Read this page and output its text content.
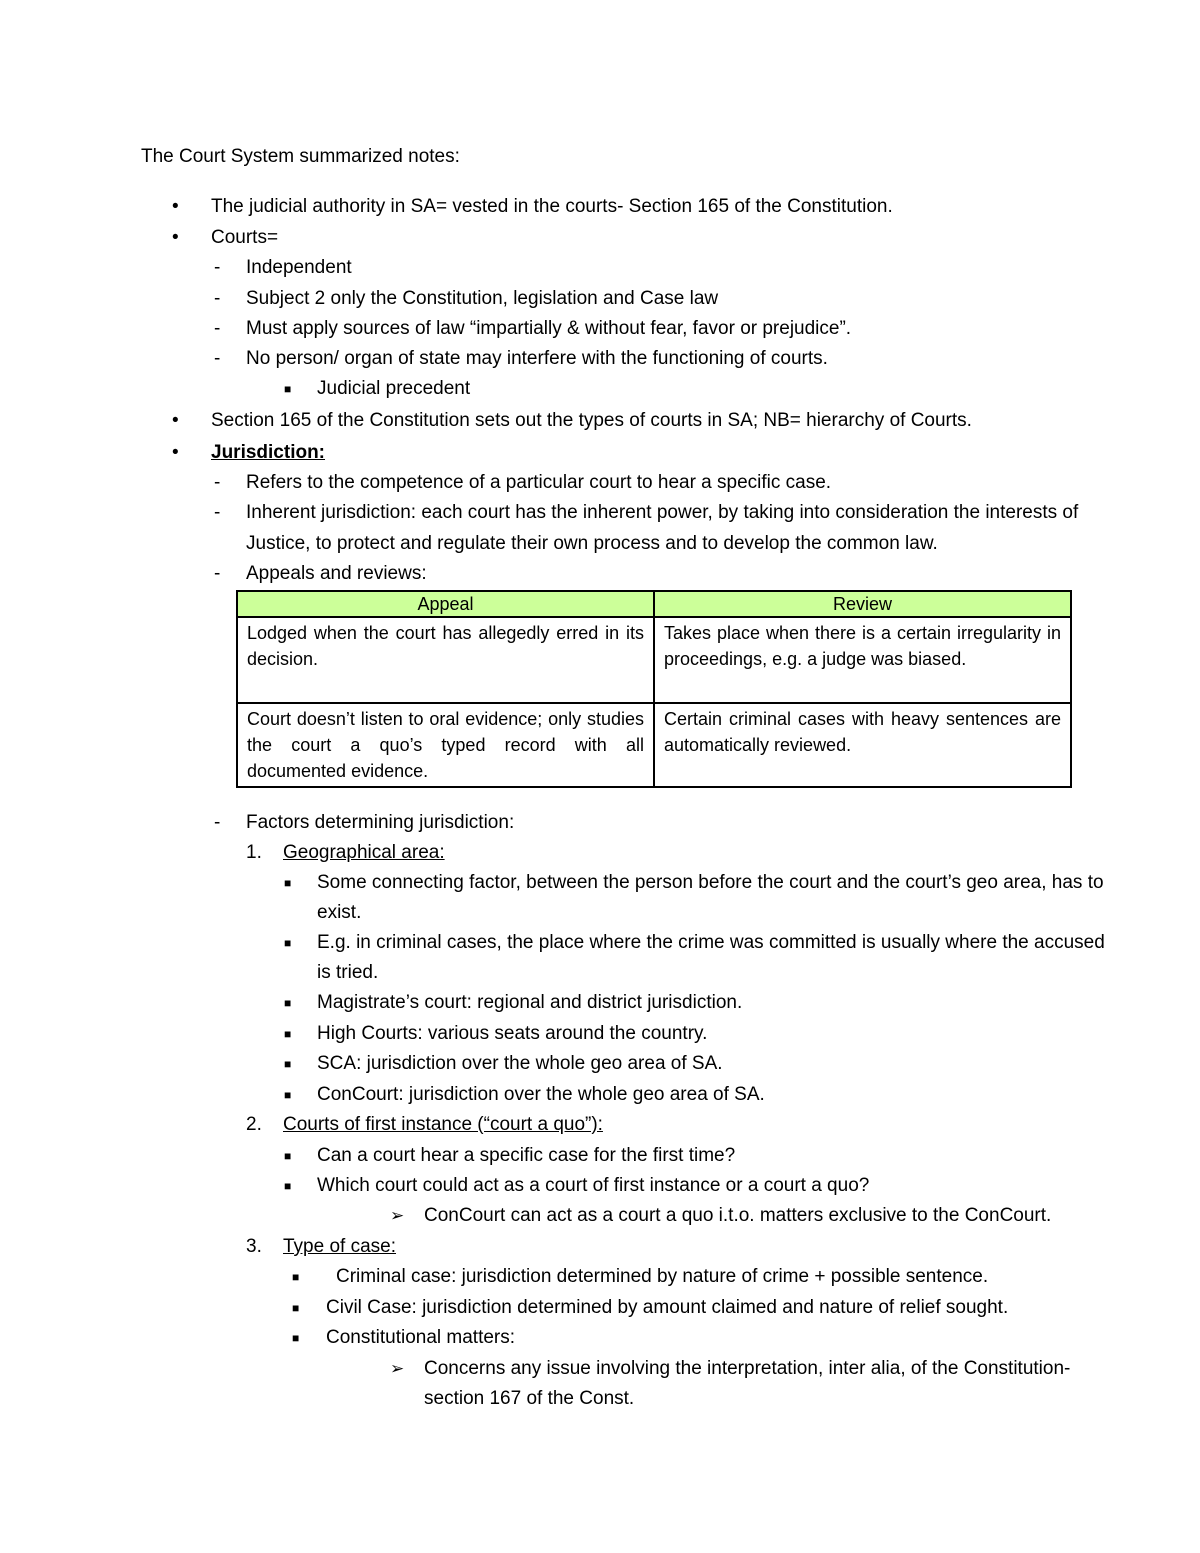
The Court System summarized notes:
• The judicial authority in SA= vested in the courts- Section 165 of the Constitution.
• Courts=
- Independent
- Subject 2 only the Constitution, legislation and Case law
- Must apply sources of law “impartially & without fear, favor or prejudice”.
- No person/ organ of state may interfere with the functioning of courts.
■ Judicial precedent
• Section 165 of the Constitution sets out the types of courts in SA; NB= hierarchy of Courts.
• Jurisdiction:
- Refers to the competence of a particular court to hear a specific case.
- Inherent jurisdiction: each court has the inherent power, by taking into consideration the interests of
Justice, to protect and regulate their own process and to develop the common law.
- Appeals and reviews:
Appeal	Review
Lodged when the court has allegedly erred in its decision.	Takes place when there is a certain irregularity in proceedings, e.g. a judge was biased.
Court doesn’t listen to oral evidence; only studies the court a quo’s typed record with all documented evidence.	Certain criminal cases with heavy sentences are automatically reviewed.
- Factors determining jurisdiction:
1. Geographical area:
■ Some connecting factor, between the person before the court and the court’s geo area, has to
exist.
■ E.g. in criminal cases, the place where the crime was committed is usually where the accused
is tried.
■ Magistrate’s court: regional and district jurisdiction.
■ High Courts: various seats around the country.
■ SCA: jurisdiction over the whole geo area of SA.
■ ConCourt: jurisdiction over the whole geo area of SA.
2. Courts of first instance (“court a quo”):
■ Can a court hear a specific case for the first time?
■ Which court could act as a court of first instance or a court a quo?
➢ ConCourt can act as a court a quo i.t.o. matters exclusive to the ConCourt.
3. Type of case:
■ Criminal case: jurisdiction determined by nature of crime + possible sentence.
■ Civil Case: jurisdiction determined by amount claimed and nature of relief sought.
■ Constitutional matters:
➢ Concerns any issue involving the interpretation, inter alia, of the Constitution-
section 167 of the Const.
